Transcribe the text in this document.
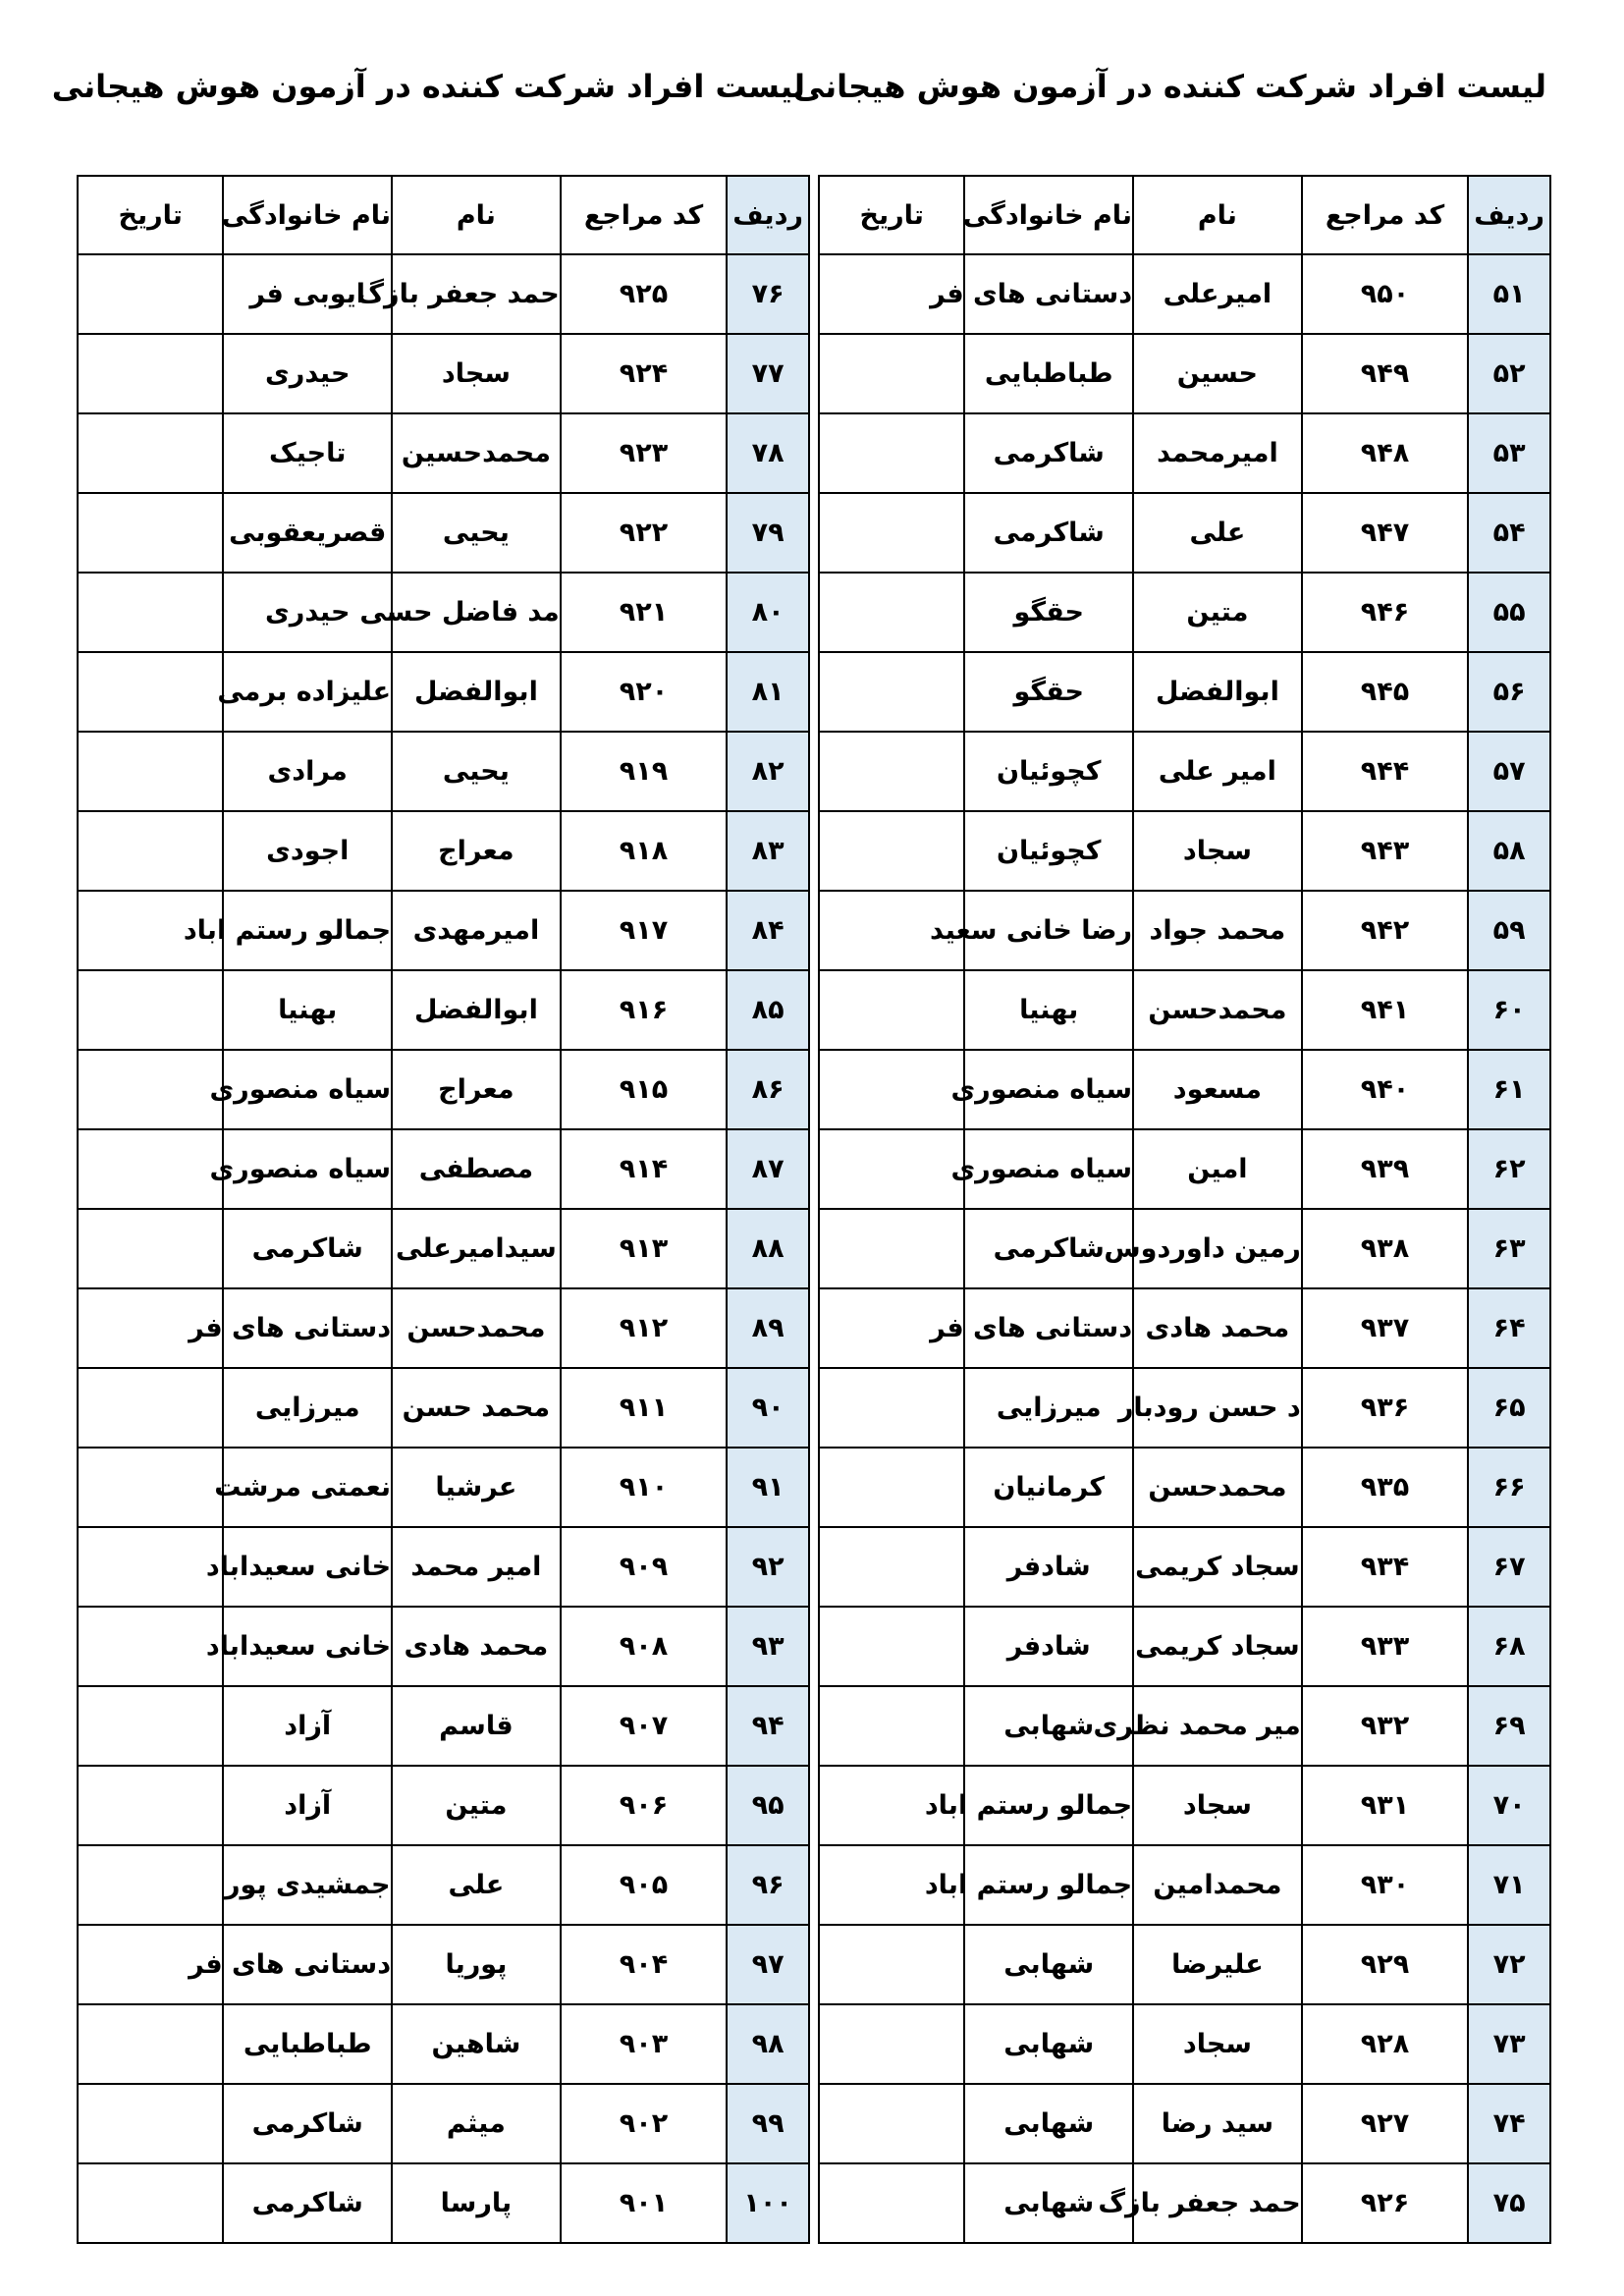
لیست افراد شرکت کننده در آزمون هوش هیجانی
لیست افراد شرکت کننده در آزمون هوش هیجانی
ردیف	کد مراجع	نام	نام خانوادگی	تاریخ
۵۱	۹۵۰	امیرعلی	دستانی های فر	
۵۲	۹۴۹	حسین	طباطبایی	
۵۳	۹۴۸	امیرمحمد	شاکرمی	
۵۴	۹۴۷	علی	شاکرمی	
۵۵	۹۴۶	متین	حقگو	
۵۶	۹۴۵	ابوالفضل	حقگو	
۵۷	۹۴۴	امیر علی	کچوئیان	
۵۸	۹۴۳	سجاد	کچوئیان	
۵۹	۹۴۲	محمد جواد	رضا خانی سعید	
۶۰	۹۴۱	محمدحسن	بهنیا	
۶۱	۹۴۰	مسعود	سیاه منصوری	
۶۲	۹۳۹	امین	سیاه منصوری	
۶۳	۹۳۸	رمین داوردوس	شاکرمی	
۶۴	۹۳۷	محمد هادی	دستانی های فر	
۶۵	۹۳۶	د حسن رودبار	میرزایی	
۶۶	۹۳۵	محمدحسن	کرمانیان	
۶۷	۹۳۴	سجاد کریمی	شادفر	
۶۸	۹۳۳	سجاد کریمی	شادفر	
۶۹	۹۳۲	میر محمد نظری	شهابی	
۷۰	۹۳۱	سجاد	جمالو رستم اباد	
۷۱	۹۳۰	محمدامین	جمالو رستم اباد	
۷۲	۹۲۹	علیرضا	شهابی	
۷۳	۹۲۸	سجاد	شهابی	
۷۴	۹۲۷	سید رضا	شهابی	
۷۵	۹۲۶	حمد جعفر بازگ	شهابی	
ردیف	کد مراجع	نام	نام خانوادگی	تاریخ
۷۶	۹۲۵	حمد جعفر بازگ	ایوبی فر	
۷۷	۹۲۴	سجاد	حیدری	
۷۸	۹۲۳	محمدحسین	تاجیک	
۷۹	۹۲۲	یحیی	قصریعقوبی	
۸۰	۹۲۱	مد فاضل حسی	حیدری	
۸۱	۹۲۰	ابوالفضل	علیزاده برمی	
۸۲	۹۱۹	یحیی	مرادی	
۸۳	۹۱۸	معراج	اجودی	
۸۴	۹۱۷	امیرمهدی	جمالو رستم اباد	
۸۵	۹۱۶	ابوالفضل	بهنیا	
۸۶	۹۱۵	معراج	سیاه منصوری	
۸۷	۹۱۴	مصطفی	سیاه منصوری	
۸۸	۹۱۳	سیدامیرعلی	شاکرمی	
۸۹	۹۱۲	محمدحسن	دستانی های فر	
۹۰	۹۱۱	محمد حسن	میرزایی	
۹۱	۹۱۰	عرشیا	نعمتی مرشت	
۹۲	۹۰۹	امیر محمد	خانی سعیداباد	
۹۳	۹۰۸	محمد هادی	خانی سعیداباد	
۹۴	۹۰۷	قاسم	آزاد	
۹۵	۹۰۶	متین	آزاد	
۹۶	۹۰۵	علی	جمشیدی پور	
۹۷	۹۰۴	پوریا	دستانی های فر	
۹۸	۹۰۳	شاهین	طباطبایی	
۹۹	۹۰۲	میثم	شاکرمی	
۱۰۰	۹۰۱	پارسا	شاکرمی	
